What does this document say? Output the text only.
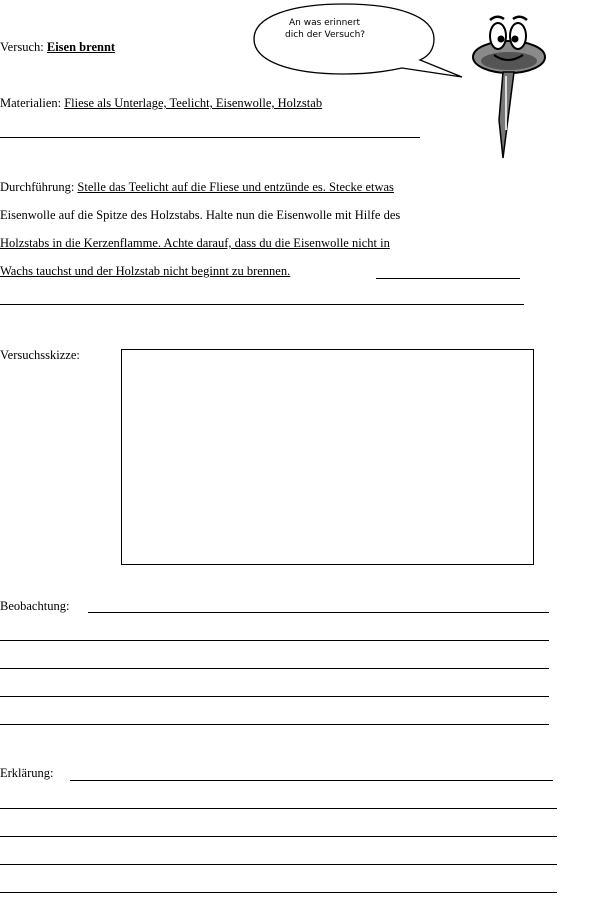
Versuch: Eisen brennt
An was erinnert
dich der Versuch?
Materialien: Fliese als Unterlage, Teelicht, Eisenwolle, Holzstab
Durchführung: Stelle das Teelicht auf die Fliese und entzünde es. Stecke etwas
Eisenwolle auf die Spitze des Holzstabs. Halte nun die Eisenwolle mit Hilfe des
Holzstabs in die Kerzenflamme. Achte darauf, dass du die Eisenwolle nicht in
Wachs tauchst und der Holzstab nicht beginnt zu brennen.
Versuchsskizze:
Beobachtung:
Erklärung:
